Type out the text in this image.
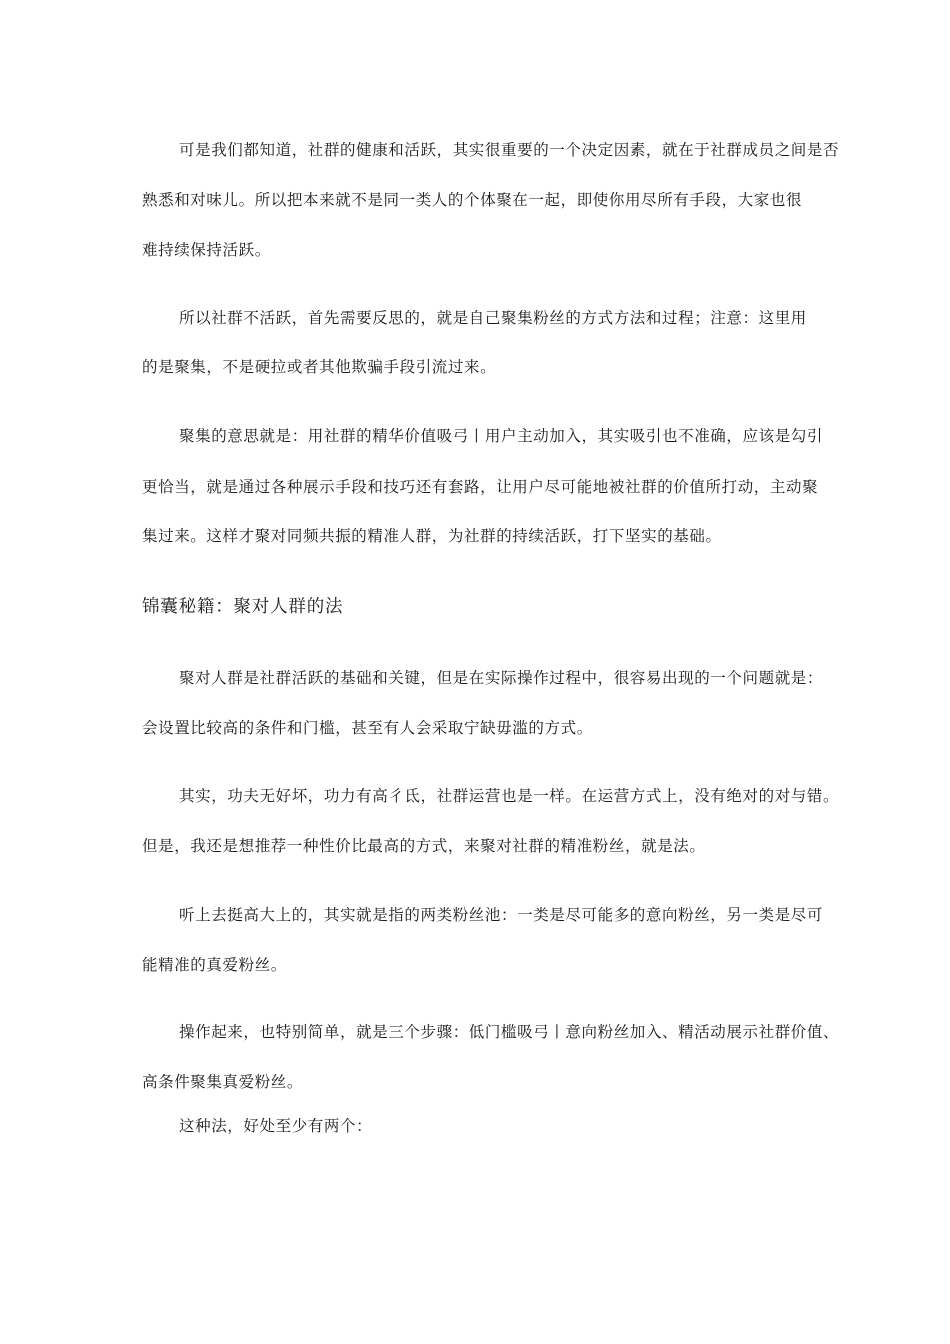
可是我们都知道，社群的健康和活跃，其实很重要的一个决定因素，就在于社群成员之间是否
熟悉和对味儿。所以把本来就不是同一类人的个体聚在一起，即使你用尽所有手段，大家也很
难持续保持活跃。
所以社群不活跃，首先需要反思的，就是自己聚集粉丝的方式方法和过程；注意：这里用
的是聚集，不是硬拉或者其他欺骗手段引流过来。
聚集的意思就是：用社群的精华价值吸弓丨用户主动加入，其实吸引也不准确，应该是勾引
更恰当，就是通过各种展示手段和技巧还有套路，让用户尽可能地被社群的价值所打动，主动聚
集过来。这样才聚对同频共振的精准人群，为社群的持续活跃，打下坚实的基础。
锦囊秘籍：聚对人群的法
聚对人群是社群活跃的基础和关键，但是在实际操作过程中，很容易出现的一个问题就是：
会设置比较高的条件和门槛，甚至有人会采取宁缺毋滥的方式。
其实，功夫无好坏，功力有高彳氐，社群运营也是一样。在运营方式上，没有绝对的对与错。
但是，我还是想推荐一种性价比最高的方式，来聚对社群的精准粉丝，就是法。
听上去挺高大上的，其实就是指的两类粉丝池：一类是尽可能多的意向粉丝，另一类是尽可
能精准的真爱粉丝。
操作起来，也特别简单，就是三个步骤：低门槛吸弓丨意向粉丝加入、精活动展示社群价值、
高条件聚集真爱粉丝。
这种法，好处至少有两个：
